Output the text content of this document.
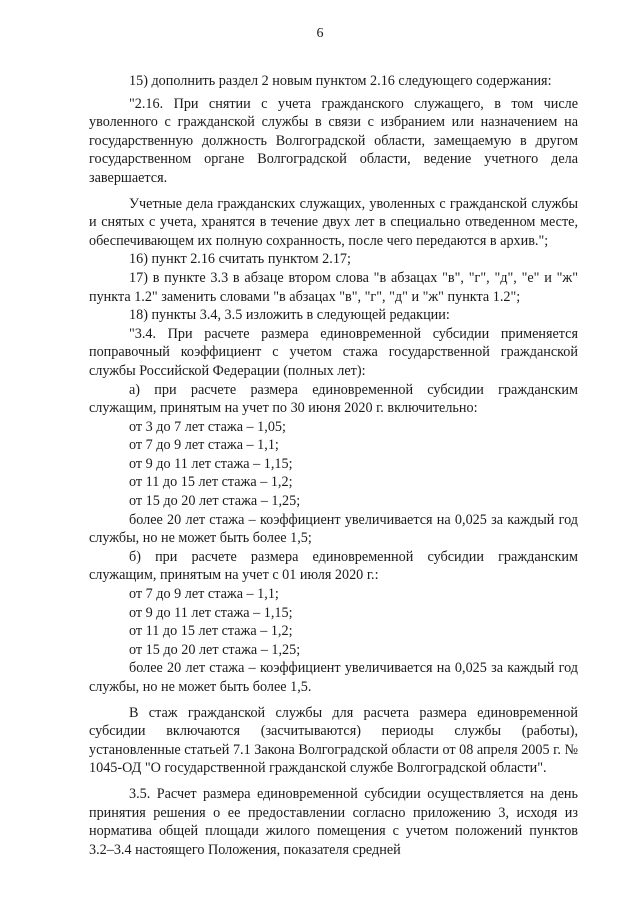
6

15) дополнить раздел 2 новым пунктом 2.16 следующего содержания:

"2.16. При снятии с учета гражданского служащего, в том числе уволенного с гражданской службы в связи с избранием или назначением на государственную должность Волгоградской области, замещаемую в другом государственном органе Волгоградской области, ведение учетного дела завершается.

Учетные дела гражданских служащих, уволенных с гражданской службы и снятых с учета, хранятся в течение двух лет в специально отведенном месте, обеспечивающем их полную сохранность, после чего передаются в архив.";

16) пункт 2.16 считать пунктом 2.17;

17) в пункте 3.3 в абзаце втором слова "в абзацах "в", "г", "д", "е" и "ж" пункта 1.2" заменить словами "в абзацах "в", "г", "д" и "ж" пункта 1.2";

18) пункты 3.4, 3.5 изложить в следующей редакции:

"3.4. При расчете размера единовременной субсидии применяется поправочный коэффициент с учетом стажа государственной гражданской службы Российской Федерации (полных лет):

а) при расчете размера единовременной субсидии гражданским служащим, принятым на учет по 30 июня 2020 г. включительно:

от 3 до 7 лет стажа – 1,05;

от 7 до 9 лет стажа – 1,1;

от 9 до 11 лет стажа – 1,15;

от 11 до 15 лет стажа – 1,2;

от 15 до 20 лет стажа – 1,25;

более 20 лет стажа – коэффициент увеличивается на 0,025 за каждый год службы, но не может быть более 1,5;

б) при расчете размера единовременной субсидии гражданским служащим, принятым на учет с 01 июля 2020 г.:

от 7 до 9 лет стажа – 1,1;

от 9 до 11 лет стажа – 1,15;

от 11 до 15 лет стажа – 1,2;

от 15 до 20 лет стажа – 1,25;

более 20 лет стажа – коэффициент увеличивается на 0,025 за каждый год службы, но не может быть более 1,5.

В стаж гражданской службы для расчета размера единовременной субсидии включаются (засчитываются) периоды службы (работы), установленные статьей 7.1 Закона Волгоградской области от 08 апреля 2005 г. № 1045-ОД "О государственной гражданской службе Волгоградской области".

3.5. Расчет размера единовременной субсидии осуществляется на день принятия решения о ее предоставлении согласно приложению 3, исходя из норматива общей площади жилого помещения с учетом положений пунктов 3.2–3.4 настоящего Положения, показателя средней
